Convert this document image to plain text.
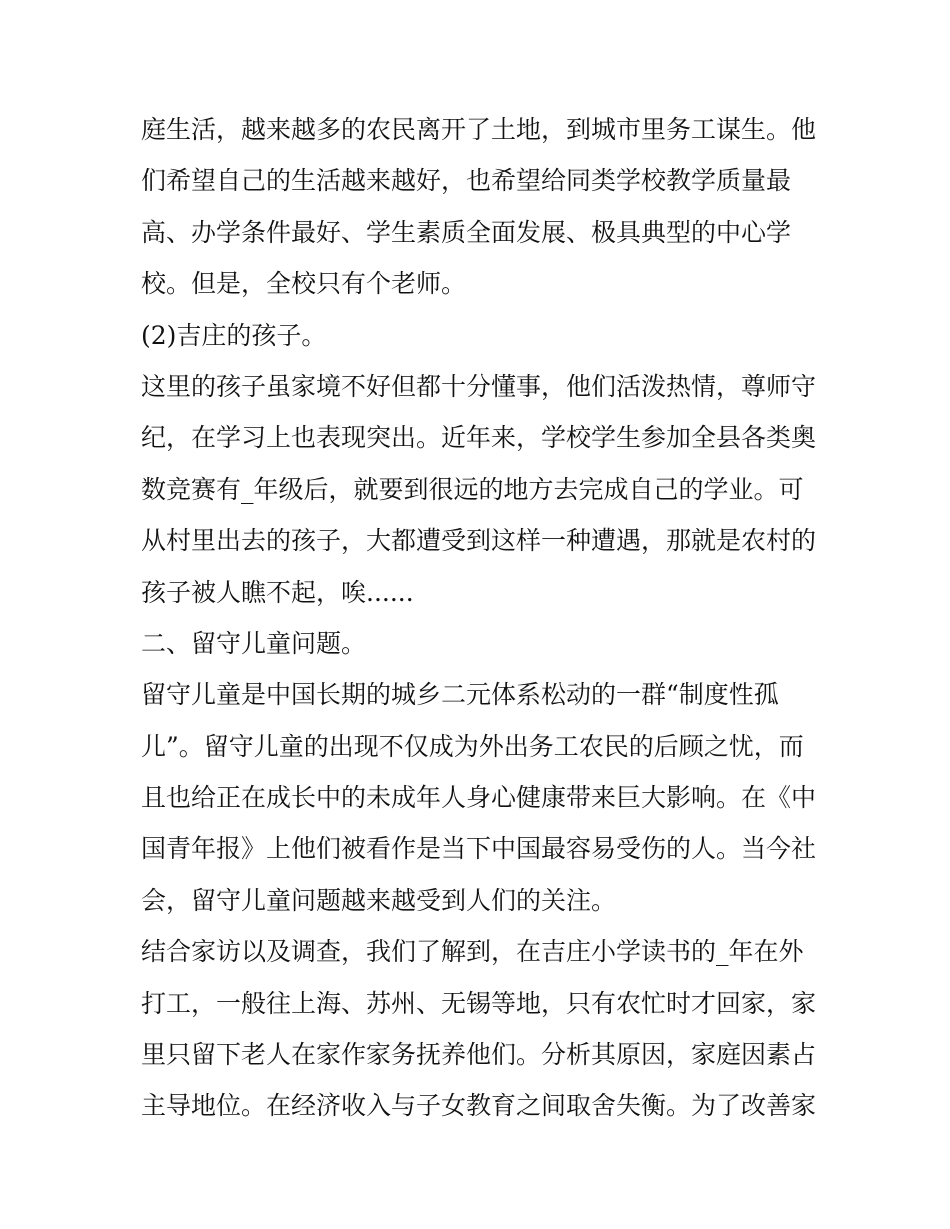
庭生活，越来越多的农民离开了土地，到城市里务工谋生。他
们希望自己的生活越来越好，也希望给同类学校教学质量最
高、办学条件最好、学生素质全面发展、极具典型的中心学
校。但是，全校只有个老师。
(2)吉庄的孩子。
这里的孩子虽家境不好但都十分懂事，他们活泼热情，尊师守
纪，在学习上也表现突出。近年来，学校学生参加全县各类奥
数竞赛有_年级后，就要到很远的地方去完成自己的学业。可
从村里出去的孩子，大都遭受到这样一种遭遇，那就是农村的
孩子被人瞧不起，唉......
二、留守儿童问题。
留守儿童是中国长期的城乡二元体系松动的一群“制度性孤
儿”。留守儿童的出现不仅成为外出务工农民的后顾之忧，而
且也给正在成长中的未成年人身心健康带来巨大影响。在《中
国青年报》上他们被看作是当下中国最容易受伤的人。当今社
会，留守儿童问题越来越受到人们的关注。
结合家访以及调查，我们了解到，在吉庄小学读书的_年在外
打工，一般往上海、苏州、无锡等地，只有农忙时才回家，家
里只留下老人在家作家务抚养他们。分析其原因，家庭因素占
主导地位。在经济收入与子女教育之间取舍失衡。为了改善家
